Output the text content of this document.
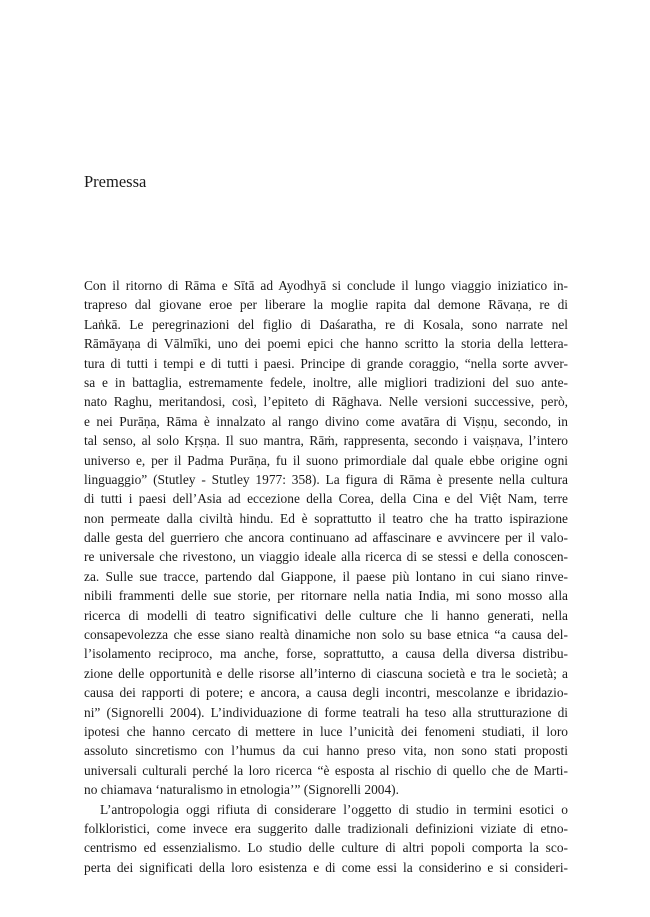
Premessa
Con il ritorno di Rāma e Sītā ad Ayodhyā si conclude il lungo viaggio iniziatico in-
trapreso dal giovane eroe per liberare la moglie rapita dal demone Rāvaṇa, re di
Laṅkā. Le peregrinazioni del figlio di Daśaratha, re di Kosala, sono narrate nel
Rāmāyaṇa di Vālmīki, uno dei poemi epici che hanno scritto la storia della lettera-
tura di tutti i tempi e di tutti i paesi. Principe di grande coraggio, “nella sorte avver-
sa e in battaglia, estremamente fedele, inoltre, alle migliori tradizioni del suo ante-
nato Raghu, meritandosi, così, l’epiteto di Rāghava. Nelle versioni successive, però,
e nei Purāṇa, Rāma è innalzato al rango divino come avatāra di Viṣṇu, secondo, in
tal senso, al solo Kṛṣṇa. Il suo mantra, Rāṁ, rappresenta, secondo i vaiṣṇava, l’intero
universo e, per il Padma Purāṇa, fu il suono primordiale dal quale ebbe origine ogni
linguaggio” (Stutley - Stutley 1977: 358). La figura di Rāma è presente nella cultura
di tutti i paesi dell’Asia ad eccezione della Corea, della Cina e del Việt Nam, terre
non permeate dalla civiltà hindu. Ed è soprattutto il teatro che ha tratto ispirazione
dalle gesta del guerriero che ancora continuano ad affascinare e avvincere per il valo-
re universale che rivestono, un viaggio ideale alla ricerca di se stessi e della conoscen-
za. Sulle sue tracce, partendo dal Giappone, il paese più lontano in cui siano rinve-
nibili frammenti delle sue storie, per ritornare nella natia India, mi sono mosso alla
ricerca di modelli di teatro significativi delle culture che li hanno generati, nella
consapevolezza che esse siano realtà dinamiche non solo su base etnica “a causa del-
l’isolamento reciproco, ma anche, forse, soprattutto, a causa della diversa distribu-
zione delle opportunità e delle risorse all’interno di ciascuna società e tra le società; a
causa dei rapporti di potere; e ancora, a causa degli incontri, mescolanze e ibridazio-
ni” (Signorelli 2004). L’individuazione di forme teatrali ha teso alla strutturazione di
ipotesi che hanno cercato di mettere in luce l’unicità dei fenomeni studiati, il loro
assoluto sincretismo con l’humus da cui hanno preso vita, non sono stati proposti
universali culturali perché la loro ricerca “è esposta al rischio di quello che de Marti-
no chiamava ‘naturalismo in etnologia’” (Signorelli 2004).
L’antropologia oggi rifiuta di considerare l’oggetto di studio in termini esotici o
folkloristici, come invece era suggerito dalle tradizionali definizioni viziate di etno-
centrismo ed essenzialismo. Lo studio delle culture di altri popoli comporta la sco-
perta dei significati della loro esistenza e di come essi la considerino e si consideri-
